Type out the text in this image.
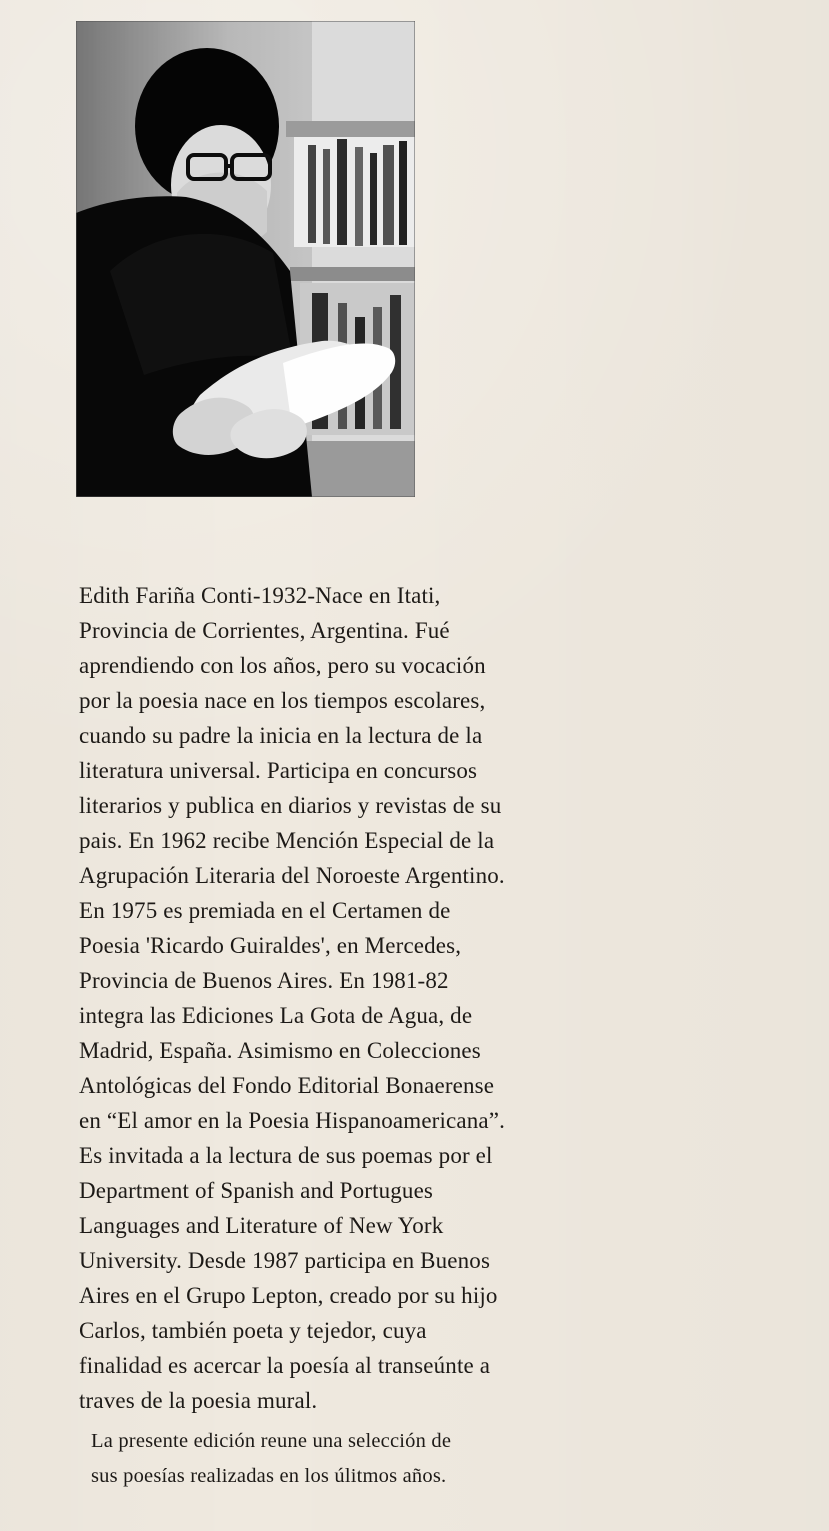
Edith Fariña Conti-1932-Nace en Itati,
Provincia de Corrientes, Argentina. Fué
aprendiendo con los años, pero su vocación
por la poesia nace en los tiempos escolares,
cuando su padre la inicia en la lectura de la
literatura universal. Participa en concursos
literarios y publica en diarios y revistas de su
pais. En 1962 recibe Mención Especial de la
Agrupación Literaria del Noroeste Argentino.
En 1975 es premiada en el Certamen de
Poesia 'Ricardo Guiraldes', en Mercedes,
Provincia de Buenos Aires. En 1981-82
integra las Ediciones La Gota de Agua, de
Madrid, España. Asimismo en Colecciones
Antológicas del Fondo Editorial Bonaerense
en “El amor en la Poesia Hispanoamericana”.
Es invitada a la lectura de sus poemas por el
Department of Spanish and Portugues
Languages and Literature of New York
University. Desde 1987 participa en Buenos
Aires en el Grupo Lepton, creado por su hijo
Carlos, también poeta y tejedor, cuya
finalidad es acercar la poesía al transeúnte a
traves de la poesia mural.
La presente edición reune una selección de
sus poesías realizadas en los úlitmos años.
